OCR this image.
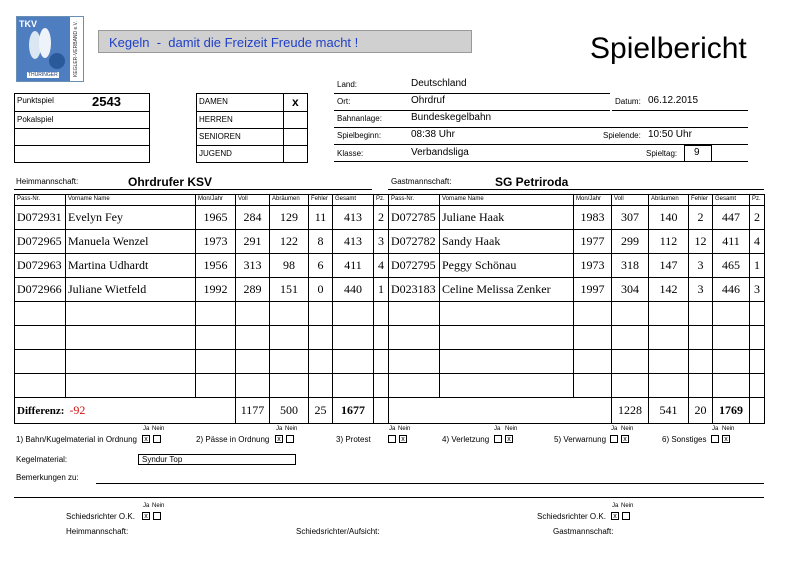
KEGLER-VERBAND e.V.
TKV
THÜRINGER
Kegeln  -  damit die Freizeit Freude macht !	Spielbericht
Punktspiel	2543
Pokalspiel
DAMEN	x
HERREN
SENIOREN
JUGEND
Land:	Deutschland
Ort:	Ohrdruf	Datum: 06.12.2015
Bahnanlage:	Bundeskegelbahn
Spielbeginn:	08:38 Uhr	Spielende: 10:50 Uhr
Klasse:	Verbandsliga	Spieltag: 9
Heimmannschaft:	Ohrdrufer KSV	Gastmannschaft:	SG Petriroda
Pass-Nr.	Vorname Name	Mon/Jahr	Voll	Abräumen	Fehler	Gesamt	Pz.
D072931	Evelyn Fey	1965	284	129	11	413	2
D072965	Manuela Wenzel	1973	291	122	8	413	3
D072963	Martina Udhardt	1956	313	98	6	411	4
D072966	Juliane Wietfeld	1992	289	151	0	440	1

Differenz: -92			1177	500	25	1677	
Pass-Nr.	Vorname Name	Mon/Jahr	Voll	Abräumen	Fehler	Gesamt	Pz.
D072785	Juliane Haak	1983	307	140	2	447	2
D072782	Sandy Haak	1977	299	112	12	411	4
D072795	Peggy Schönau	1973	318	147	3	465	1
D023183	Celine Melissa Zenker	1997	304	142	3	446	3

			1228	541	20	1769	
Ja Nein
1) Bahn/Kugelmaterial in Ordnung	x
Ja Nein
2) Pässe in Ordnung	x
Ja Nein
3) Protest	x
Ja Nein
4) Verletzung	x
Ja Nein
5) Verwarnung	x
Ja Nein
6) Sonstiges	x
Kegelmaterial:	Syndur Top
Bemerkungen zu:
Ja Nein
Schiedsrichter O.K.	x
Ja Nein
Schiedsrichter O.K.	x
Heimmannschaft:	Schiedsrichter/Aufsicht:	Gastmannschaft:
